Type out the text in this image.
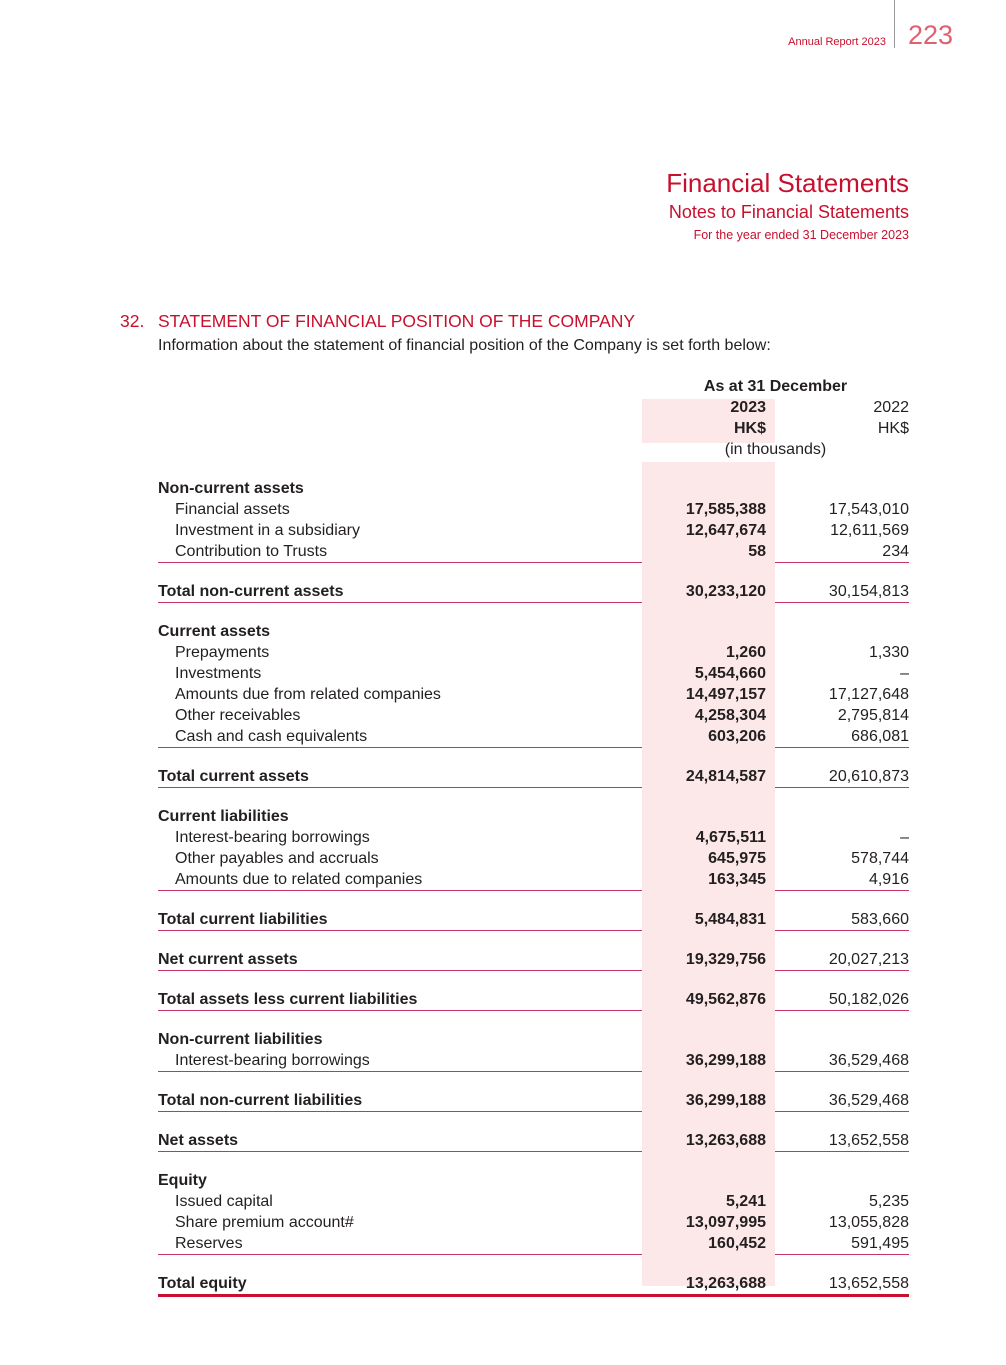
Annual Report 2023 223
Financial Statements
Notes to Financial Statements
For the year ended 31 December 2023
32. STATEMENT OF FINANCIAL POSITION OF THE COMPANY
Information about the statement of financial position of the Company is set forth below:
As at 31 December
2023	2022
HK$	HK$
(in thousands)
Non-current assets
Financial assets	17,585,388	17,543,010
Investment in a subsidiary	12,647,674	12,611,569
Contribution to Trusts	58	234
Total non-current assets	30,233,120	30,154,813
Current assets
Prepayments	1,260	1,330
Investments	5,454,660	–
Amounts due from related companies	14,497,157	17,127,648
Other receivables	4,258,304	2,795,814
Cash and cash equivalents	603,206	686,081
Total current assets	24,814,587	20,610,873
Current liabilities
Interest-bearing borrowings	4,675,511	–
Other payables and accruals	645,975	578,744
Amounts due to related companies	163,345	4,916
Total current liabilities	5,484,831	583,660
Net current assets	19,329,756	20,027,213
Total assets less current liabilities	49,562,876	50,182,026
Non-current liabilities
Interest-bearing borrowings	36,299,188	36,529,468
Total non-current liabilities	36,299,188	36,529,468
Net assets	13,263,688	13,652,558
Equity
Issued capital	5,241	5,235
Share premium account#	13,097,995	13,055,828
Reserves	160,452	591,495
Total equity	13,263,688	13,652,558
